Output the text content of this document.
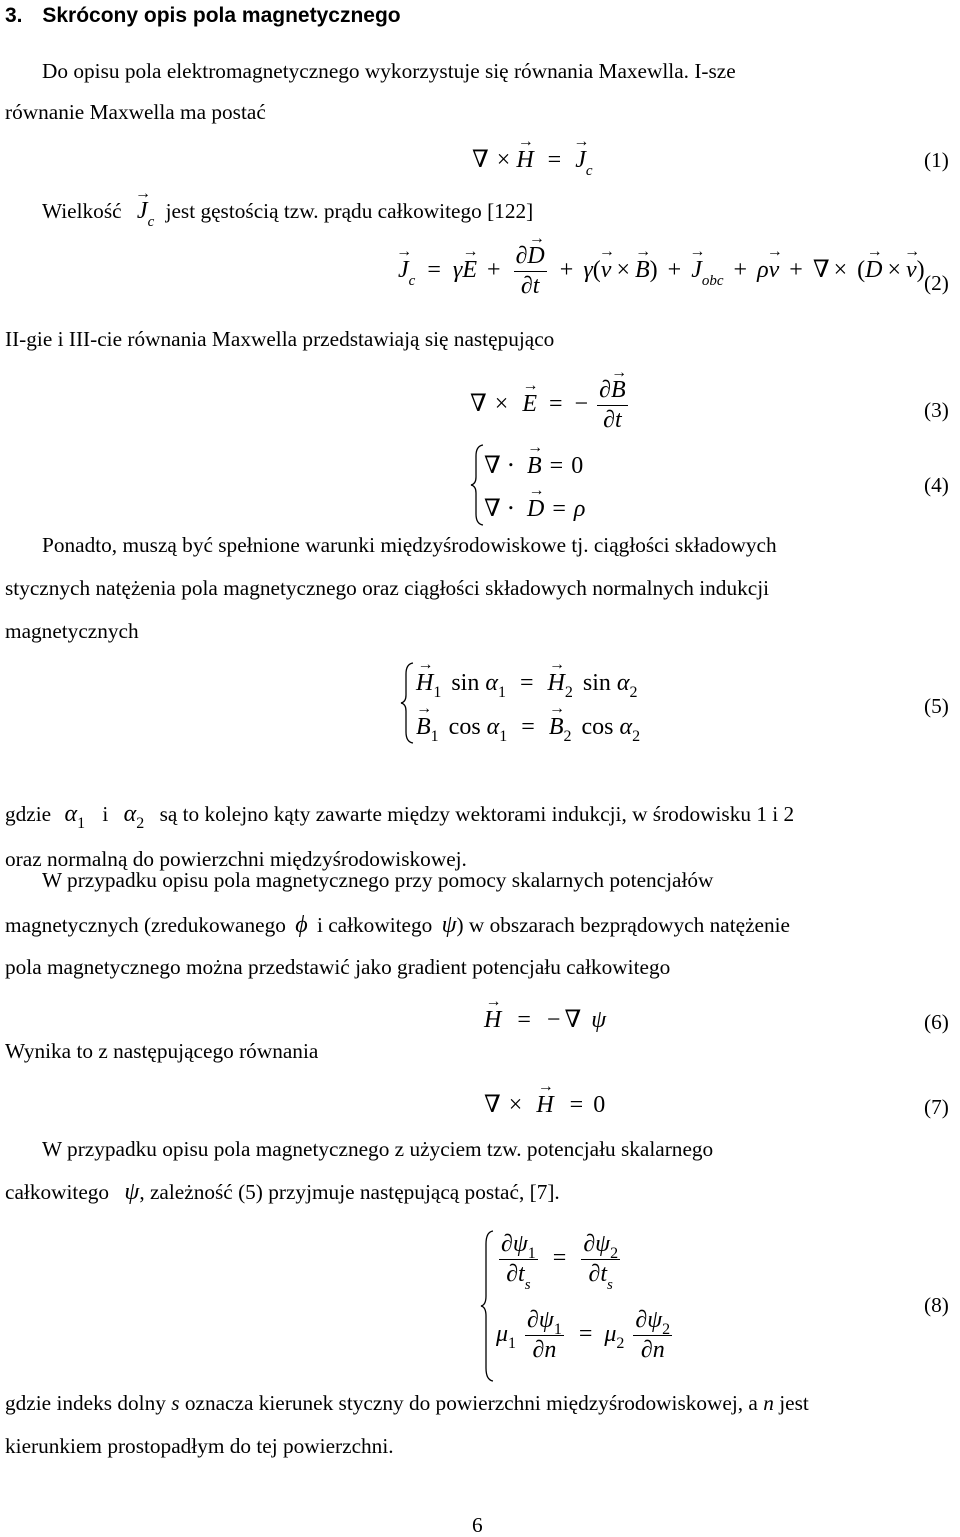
3. Skrócony opis pola magnetycznego
Do opisu pola elektromagnetycznego wykorzystuje się równania Maxewlla. I-sze
równanie Maxwella ma postać
∇ × → H = → $J_c$	(1)
Wielkość → $J_c$ jest gęstością tzw. prądu całkowitego [122]
→ $J_c = \gamma\to E + \frac{\partial\to D}{\partial t} + \gamma(\to v \times\to B)$ + → $J_{obc} + \rho\to v$ + ∇ × (→ D ×→ v) (2)
II-gie i III-cie równania Maxwella przedstawiają się następująco
∇ × → E = − $\frac{\partial\to B}{\partial t}$	(3)
∇ ⋅ → B = 0
∇ ⋅ → D = ρ
(4)
Ponadto, muszą być spełnione warunki międzyśrodowiskowe tj. ciągłości składowych
stycznych natężenia pola magnetycznego oraz ciągłości składowych normalnych indukcji
magnetycznych
→ $H_1$ $\sin \alpha_1$ = → $H_2$ $\sin \alpha_2$
→ $B_1$ $\cos \alpha_1$ = → $B_2$ $\cos \alpha_2$
(5)
gdzie $\alpha_1$ i $\alpha_2$ są to kolejno kąty zawarte między wektorami indukcji, w środowisku 1 i 2
oraz normalną do powierzchni międzyśrodowiskowej.
W przypadku opisu pola magnetycznego przy pomocy skalarnych potencjałów
magnetycznych (zredukowanego ϕ i całkowitego ψ) w obszarach bezprądowych natężenie
pola magnetycznego można przedstawić jako gradient potencjału całkowitego
→ H = − ∇ ψ	(6)
Wynika to z następującego równania
∇ × → H = 0	(7)
W przypadku opisu pola magnetycznego z użyciem tzw. potencjału skalarnego
całkowitego ψ, zależność (5) przyjmuje następującą postać, [7].
$\frac{\partial\psi_1}{\partial t_s} = \frac{\partial\psi_2}{\partial t_s}$
$\mu_1 \frac{\partial\psi_1}{\partial n} = \mu_2 \frac{\partial\psi_2}{\partial n}$
(8)
gdzie indeks dolny s oznacza kierunek styczny do powierzchni międzyśrodowiskowej, a n jest
kierunkiem prostopadłym do tej powierzchni.
6
